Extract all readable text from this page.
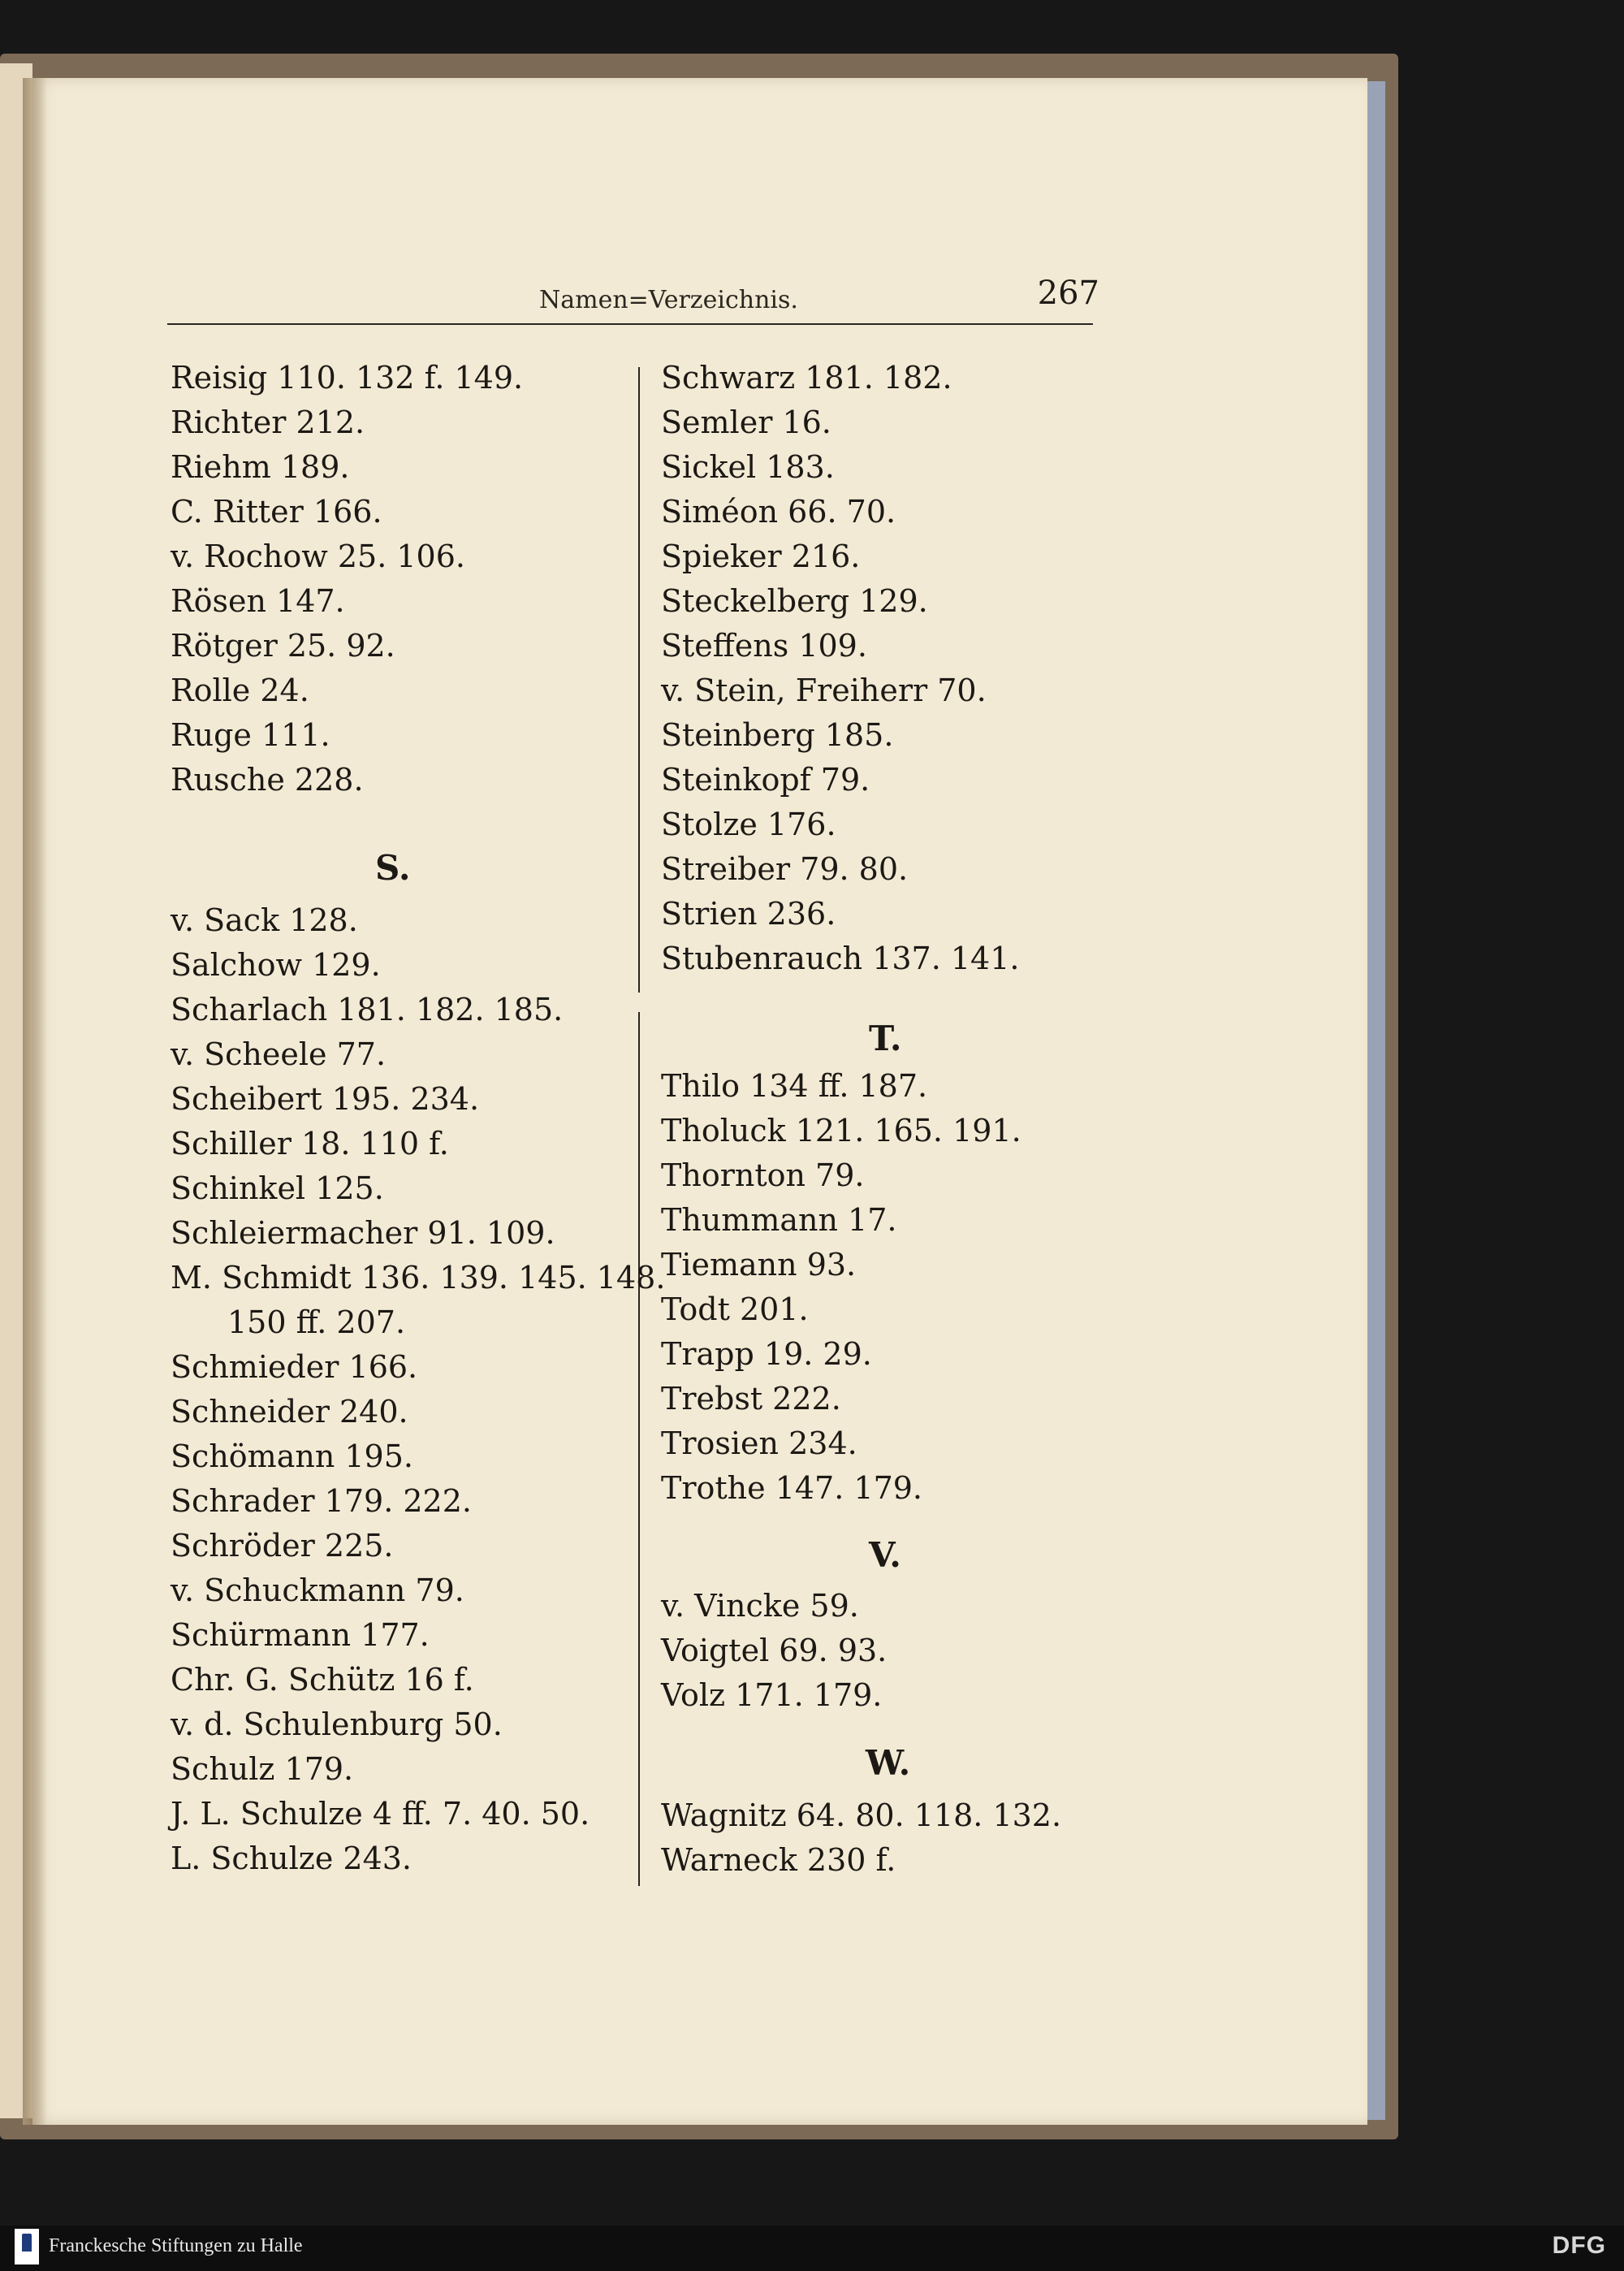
Namen=Verzeichnis.	267
Reisig 110. 132 f. 149.
Richter 212.
Riehm 189.
C. Ritter 166.
v. Rochow 25. 106.
Rösen 147.
Rötger 25. 92.
Rolle 24.
Ruge 111.
Rusche 228.
S.
v. Sack 128.
Salchow 129.
Scharlach 181. 182. 185.
v. Scheele 77.
Scheibert 195. 234.
Schiller 18. 110 f.
Schinkel 125.
Schleiermacher 91. 109.
M. Schmidt 136. 139. 145. 148.
150 ff. 207.
Schmieder 166.
Schneider 240.
Schömann 195.
Schrader 179. 222.
Schröder 225.
v. Schuckmann 79.
Schürmann 177.
Chr. G. Schütz 16 f.
v. d. Schulenburg 50.
Schulz 179.
J. L. Schulze 4 ff. 7. 40. 50.
L. Schulze 243.
Schwarz 181. 182.
Semler 16.
Sickel 183.
Siméon 66. 70.
Spieker 216.
Steckelberg 129.
Steffens 109.
v. Stein, Freiherr 70.
Steinberg 185.
Steinkopf 79.
Stolze 176.
Streiber 79. 80.
Strien 236.
Stubenrauch 137. 141.
T.
Thilo 134 ff. 187.
Tholuck 121. 165. 191.
Thornton 79.
Thummann 17.
Tiemann 93.
Todt 201.
Trapp 19. 29.
Trebst 222.
Trosien 234.
Trothe 147. 179.
V.
v. Vincke 59.
Voigtel 69. 93.
Volz 171. 179.
W.
Wagnitz 64. 80. 118. 132.
Warneck 230 f.
Franckesche Stiftungen zu Halle	DFG
